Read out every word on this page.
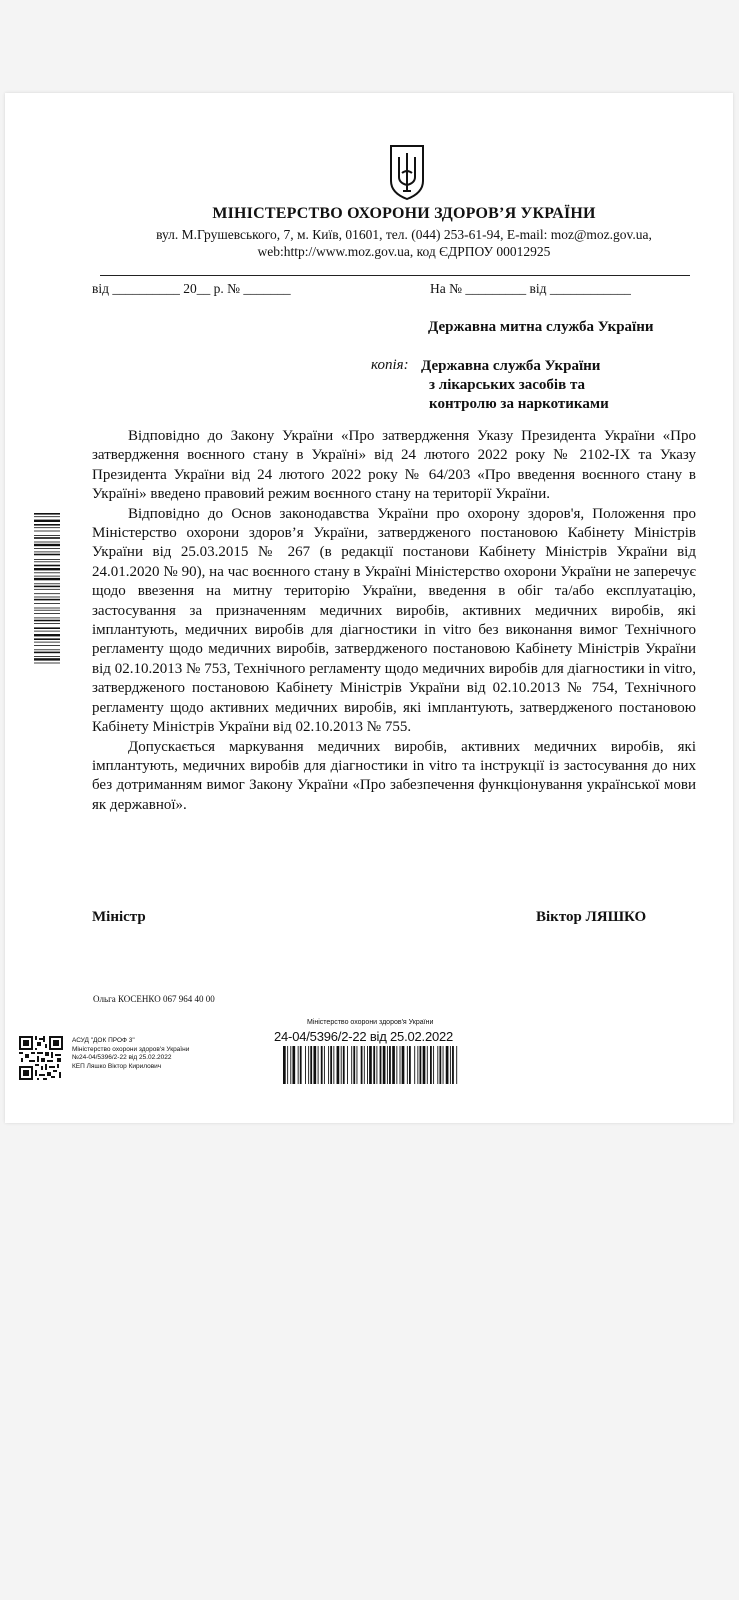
МІНІСТЕРСТВО ОХОРОНИ ЗДОРОВ’Я УКРАЇНИ
вул. М.Грушевського, 7, м. Київ, 01601, тел. (044) 253-61-94, E-mail: moz@moz.gov.ua,
web:http://www.moz.gov.ua, код ЄДРПОУ 00012925
від __________ 20__ р. № _______	На № _________ від ____________
Державна митна служба України
копія: Державна служба України
з лікарських засобів та
контролю за наркотиками

Відповідно до Закону України «Про затвердження Указу Президента України «Про затвердження воєнного стану в Україні» від 24 лютого 2022 року № 2102-IX та Указу Президента України від 24 лютого 2022 року № 64/203 «Про введення воєнного стану в Україні» введено правовий режим воєнного стану на території України.

Відповідно до Основ законодавства України про охорону здоров'я, Положення про Міністерство охорони здоров’я України, затвердженого постановою Кабінету Міністрів України від 25.03.2015 № 267 (в редакції постанови Кабінету Міністрів України від 24.01.2020 № 90), на час воєнного стану в Україні Міністерство охорони України не заперечує щодо ввезення на митну територію України, введення в обіг та/або експлуатацію, застосування за призначенням медичних виробів, активних медичних виробів, які імплантують, медичних виробів для діагностики in vitro без виконання вимог Технічного регламенту щодо медичних виробів, затвердженого постановою Кабінету Міністрів України від 02.10.2013 № 753, Технічного регламенту щодо медичних виробів для діагностики in vitro, затвердженого постановою Кабінету Міністрів України від 02.10.2013 № 754, Технічного регламенту щодо активних медичних виробів, які імплантують, затвердженого постановою Кабінету Міністрів України від 02.10.2013 № 755.

Допускається маркування медичних виробів, активних медичних виробів, які імплантують, медичних виробів для діагностики in vitro та інструкції із застосування до них без дотриманням вимог Закону України «Про забезпечення функціонування української мови як державної».

Міністр	Віктор ЛЯШКО
Ольга КОСЕНКО 067 964 40 00
АСУД "ДОК ПРОФ 3"
Міністерство охорони здоров'я України
№24-04/5396/2-22 від 25.02.2022
КЕП Ляшко Віктор Кирилович
Міністерство охорони здоров'я України
24-04/5396/2-22 від 25.02.2022
